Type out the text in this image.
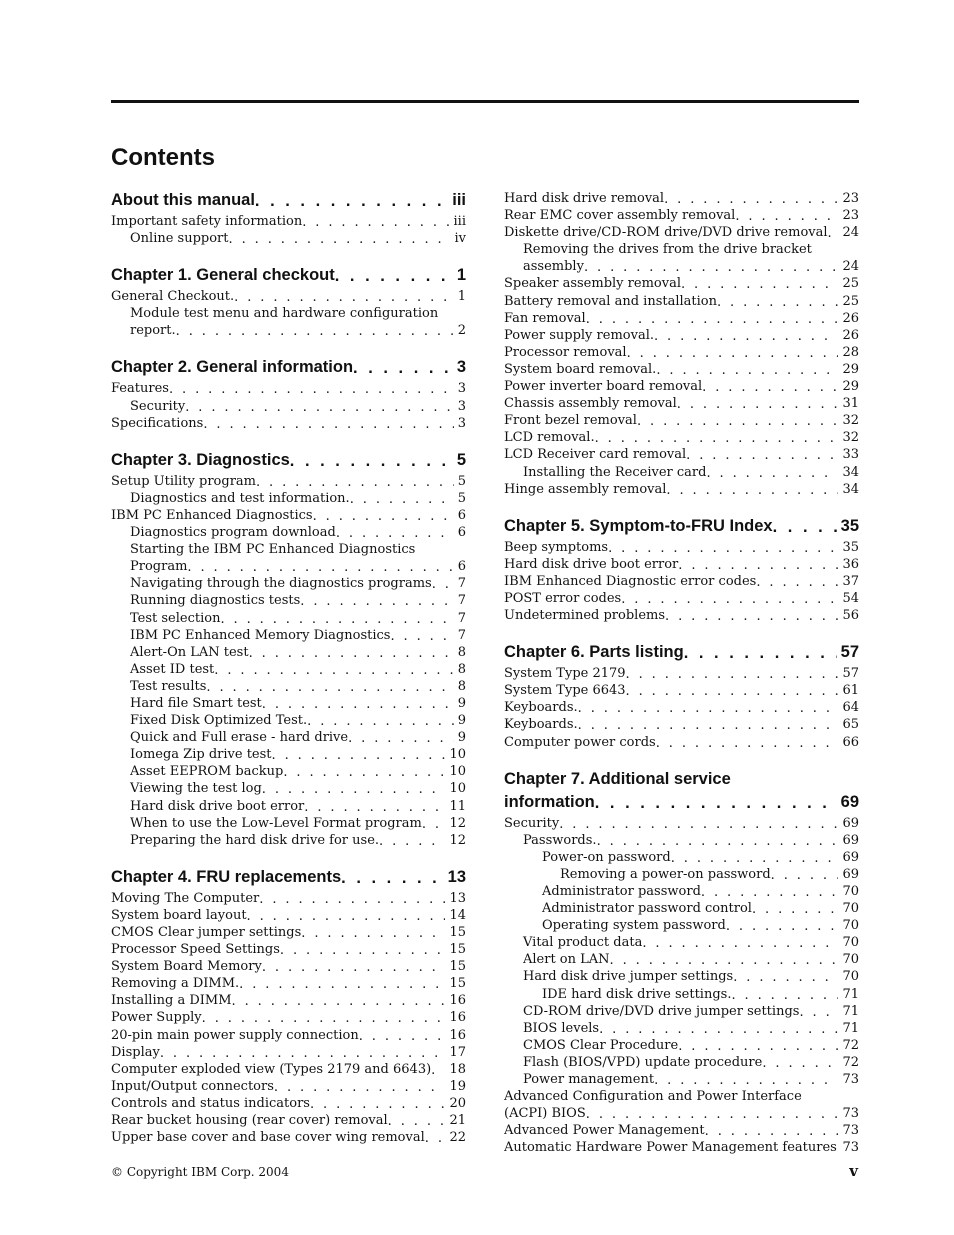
Contents
About this manual . . .	iii
Important safety information . . .	iii
Online support . . .	iv
Chapter 1. General checkout . . .	1
General Checkout. . . .	1
Module test menu and hardware configuration
report. . . .	2
Chapter 2. General information . . .	3
Features . . .	3
Security . . .	3
Specifications . . .	3
Chapter 3. Diagnostics . . .	5
Setup Utility program . . .	5
Diagnostics and test information. . . .	5
IBM PC Enhanced Diagnostics . . .	6
Diagnostics program download . . .	6
Starting the IBM PC Enhanced Diagnostics
Program . . .	6
Navigating through the diagnostics programs . . .	7
Running diagnostics tests . . .	7
Test selection . . .	7
IBM PC Enhanced Memory Diagnostics . . .	7
Alert-On LAN test . . .	8
Asset ID test . . .	8
Test results . . .	8
Hard file Smart test . . .	9
Fixed Disk Optimized Test. . . .	9
Quick and Full erase - hard drive . . .	9
Iomega Zip drive test . . .	10
Asset EEPROM backup . . .	10
Viewing the test log . . .	10
Hard disk drive boot error . . .	11
When to use the Low-Level Format program . . .	12
Preparing the hard disk drive for use. . . .	12
Chapter 4. FRU replacements . . .	13
Moving The Computer . . .	13
System board layout . . .	14
CMOS Clear jumper settings . . .	15
Processor Speed Settings . . .	15
System Board Memory . . .	15
Removing a DIMM. . . .	15
Installing a DIMM . . .	16
Power Supply . . .	16
20-pin main power supply connection . . .	16
Display . . .	17
Computer exploded view (Types 2179 and 6643) . . .	18
Input/Output connectors . . .	19
Controls and status indicators . . .	20
Rear bucket housing (rear cover) removal . . .	21
Upper base cover and base cover wing removal . . .	22
Hard disk drive removal . . .	23
Rear EMC cover assembly removal . . .	23
Diskette drive/CD-ROM drive/DVD drive removal . . .	24
Removing the drives from the drive bracket
assembly . . .	24
Speaker assembly removal . . .	25
Battery removal and installation . . .	25
Fan removal . . .	26
Power supply removal. . . .	26
Processor removal . . .	28
System board removal. . . .	29
Power inverter board removal . . .	29
Chassis assembly removal . . .	31
Front bezel removal . . .	32
LCD removal. . . .	32
LCD Receiver card removal . . .	33
Installing the Receiver card . . .	34
Hinge assembly removal . . .	34
Chapter 5. Symptom-to-FRU Index . . .	35
Beep symptoms . . .	35
Hard disk drive boot error . . .	36
IBM Enhanced Diagnostic error codes . . .	37
POST error codes . . .	54
Undetermined problems . . .	56
Chapter 6. Parts listing . . .	57
System Type 2179 . . .	57
System Type 6643 . . .	61
Keyboards. . . .	64
Keyboards. . . .	65
Computer power cords . . .	66
Chapter 7. Additional service
information . . .	69
Security . . .	69
Passwords. . . .	69
Power-on password . . .	69
Removing a power-on password . . .	69
Administrator password . . .	70
Administrator password control . . .	70
Operating system password . . .	70
Vital product data . . .	70
Alert on LAN . . .	70
Hard disk drive jumper settings . . .	70
IDE hard disk drive settings. . . .	71
CD-ROM drive/DVD drive jumper settings . . .	71
BIOS levels . . .	71
CMOS Clear Procedure . . .	72
Flash (BIOS/VPD) update procedure . . .	72
Power management . . .	73
Advanced Configuration and Power Interface
(ACPI) BIOS . . .	73
Advanced Power Management . . .	73
Automatic Hardware Power Management features . . . 73
© Copyright IBM Corp. 2004	v
